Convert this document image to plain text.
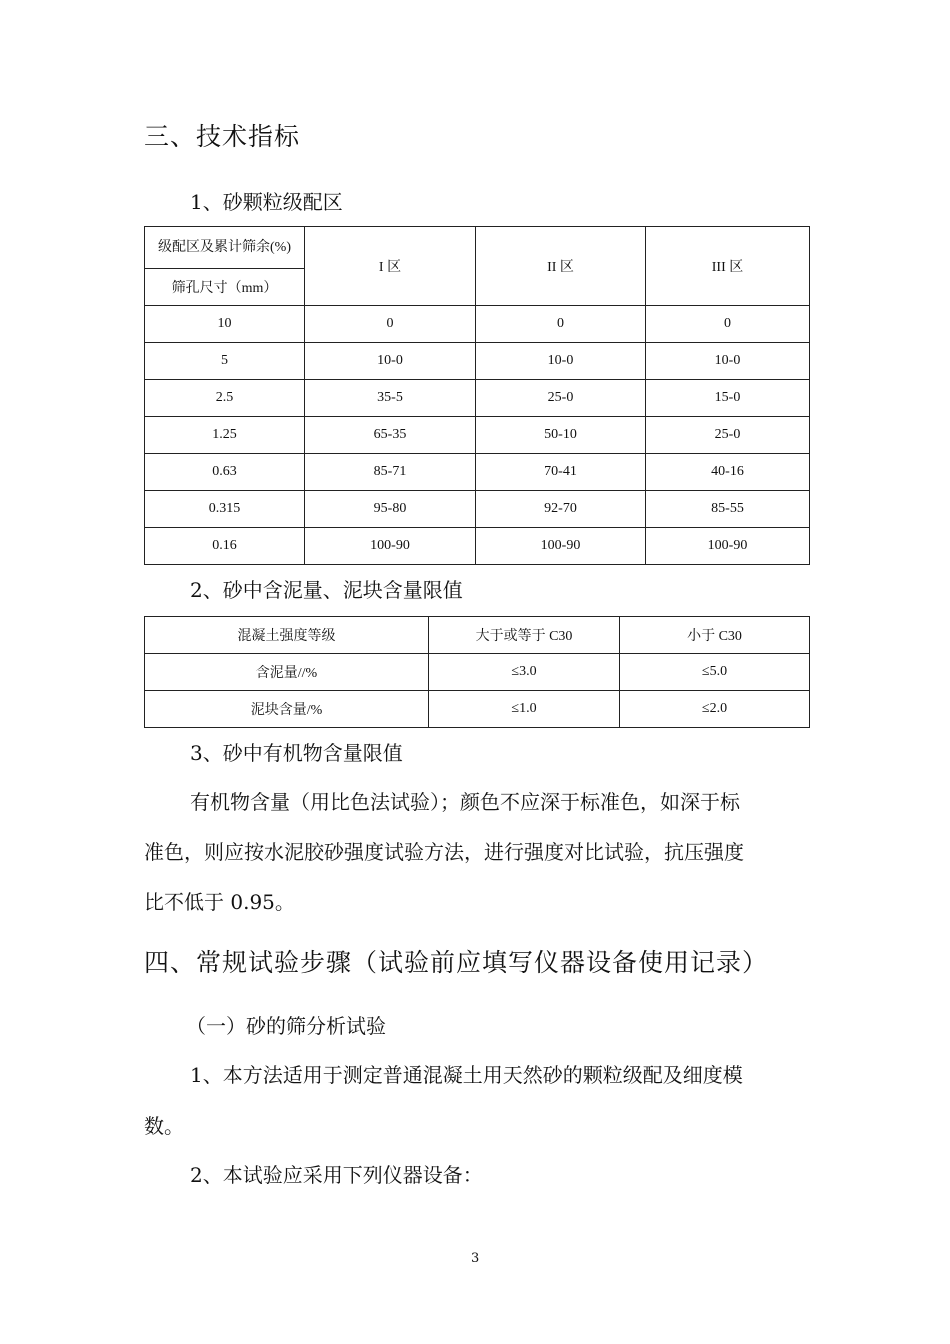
三、技术指标
1、砂颗粒级配区
级配区及累计筛余(%)	I 区	II 区	III 区
筛孔尺寸（mm）			
10	0	0	0
5	10-0	10-0	10-0
2.5	35-5	25-0	15-0
1.25	65-35	50-10	25-0
0.63	85-71	70-41	40-16
0.315	95-80	92-70	85-55
0.16	100-90	100-90	100-90
2、砂中含泥量、泥块含量限值
混凝土强度等级	大于或等于 C30	小于 C30
含泥量//%	≤3.0	≤5.0
泥块含量/%	≤1.0	≤2.0
3、砂中有机物含量限值
有机物含量（用比色法试验）；颜色不应深于标准色，如深于标
准色，则应按水泥胶砂强度试验方法，进行强度对比试验，抗压强度
比不低于 0.95。
四、常规试验步骤（试验前应填写仪器设备使用记录）
（一）砂的筛分析试验
1、本方法适用于测定普通混凝土用天然砂的颗粒级配及细度模
数。
2、本试验应采用下列仪器设备：
3
